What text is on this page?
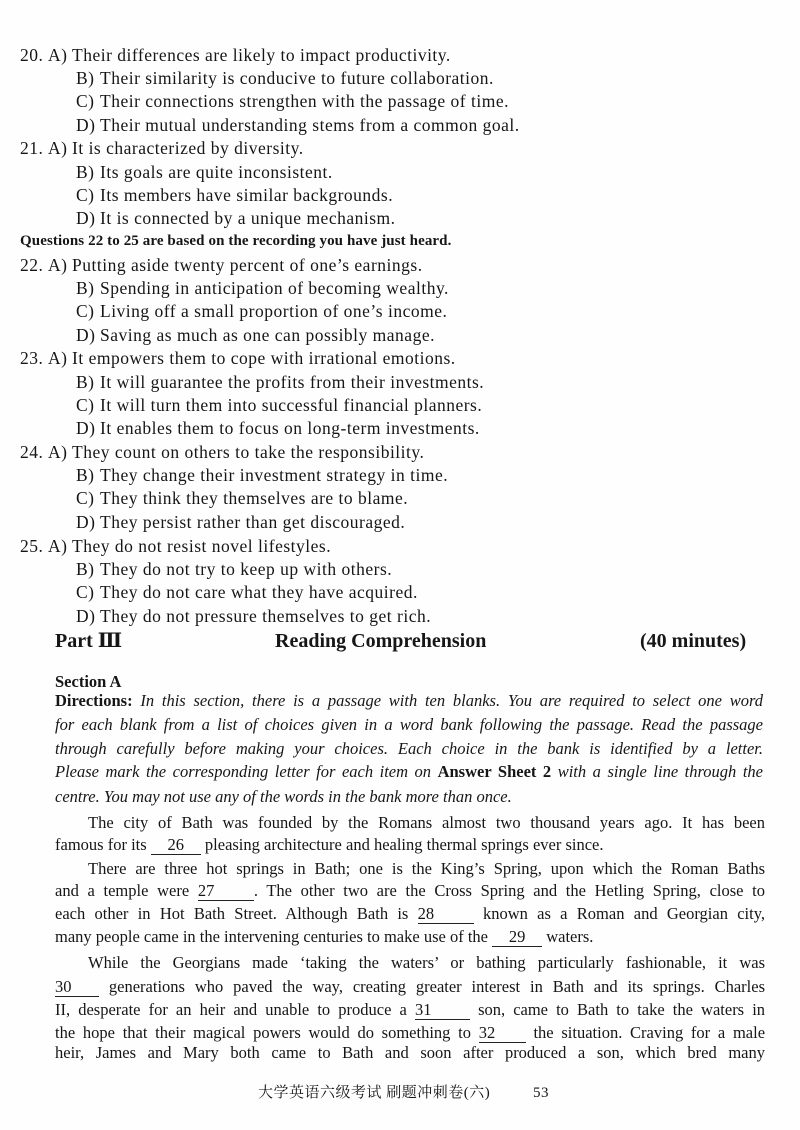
20. A) Their differences are likely to impact productivity.
B) Their similarity is conducive to future collaboration.
C) Their connections strengthen with the passage of time.
D) Their mutual understanding stems from a common goal.
21. A) It is characterized by diversity.
B) Its goals are quite inconsistent.
C) Its members have similar backgrounds.
D) It is connected by a unique mechanism.
Questions 22 to 25 are based on the recording you have just heard.
22. A) Putting aside twenty percent of one’s earnings.
B) Spending in anticipation of becoming wealthy.
C) Living off a small proportion of one’s income.
D) Saving as much as one can possibly manage.
23. A) It empowers them to cope with irrational emotions.
B) It will guarantee the profits from their investments.
C) It will turn them into successful financial planners.
D) It enables them to focus on long-term investments.
24. A) They count on others to take the responsibility.
B) They change their investment strategy in time.
C) They think they themselves are to blame.
D) They persist rather than get discouraged.
25. A) They do not resist novel lifestyles.
B) They do not try to keep up with others.
C) They do not care what they have acquired.
D) They do not pressure themselves to get rich.
Part Ⅲ	Reading Comprehension	(40 minutes)
Section A
Directions: In this section, there is a passage with ten blanks. You are required to select one word
for each blank from a list of choices given in a word bank following the passage. Read the passage
through carefully before making your choices. Each choice in the bank is identified by a letter.
Please mark the corresponding letter for each item on Answer Sheet 2 with a single line through the
centre. You may not use any of the words in the bank more than once.
The city of Bath was founded by the Romans almost two thousand years ago. It has been
famous for its 26 pleasing architecture and healing thermal springs ever since.
There are three hot springs in Bath; one is the King’s Spring, upon which the Roman Baths
and a temple were 27 . The other two are the Cross Spring and the Hetling Spring, close to
each other in Hot Bath Street. Although Bath is 28	known as a Roman and Georgian city,
many people came in the intervening centuries to make use of the 29 waters.
While the Georgians made ‘taking the waters’ or bathing particularly fashionable, it was
30 generations who paved the way, creating greater interest in Bath and its springs. Charles
II, desperate for an heir and unable to produce a 31	son, came to Bath to take the waters in
the hope that their magical powers would do something to 32 the situation. Craving for a male
heir, James and Mary both came to Bath and soon after produced a son, which bred many
大学英语六级考试 刷题冲刺卷(六)	53
